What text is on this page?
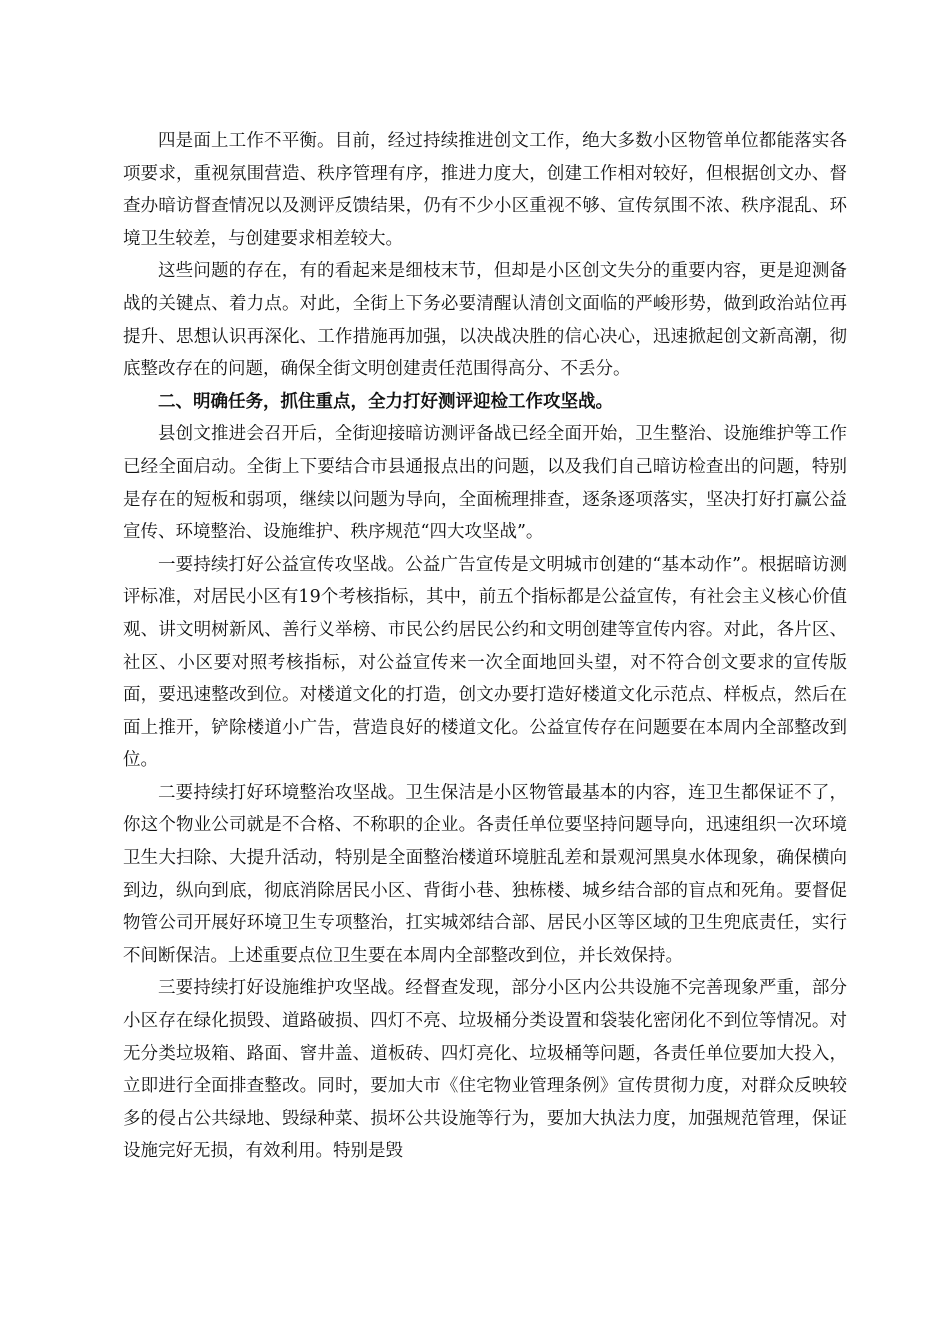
四是面上工作不平衡。目前，经过持续推进创文工作，绝大多数小区物管单位都能落实各项要求，重视氛围营造、秩序管理有序，推进力度大，创建工作相对较好，但根据创文办、督查办暗访督查情况以及测评反馈结果，仍有不少小区重视不够、宣传氛围不浓、秩序混乱、环境卫生较差，与创建要求相差较大。

这些问题的存在，有的看起来是细枝末节，但却是小区创文失分的重要内容，更是迎测备战的关键点、着力点。对此，全街上下务必要清醒认清创文面临的严峻形势，做到政治站位再提升、思想认识再深化、工作措施再加强，以决战决胜的信心决心，迅速掀起创文新高潮，彻底整改存在的问题，确保全街文明创建责任范围得高分、不丢分。

二、明确任务，抓住重点，全力打好测评迎检工作攻坚战。

县创文推进会召开后，全街迎接暗访测评备战已经全面开始，卫生整治、设施维护等工作已经全面启动。全街上下要结合市县通报点出的问题，以及我们自己暗访检查出的问题，特别是存在的短板和弱项，继续以问题为导向，全面梳理排查，逐条逐项落实，坚决打好打赢公益宣传、环境整治、设施维护、秩序规范“四大攻坚战”。

一要持续打好公益宣传攻坚战。公益广告宣传是文明城市创建的“基本动作”。根据暗访测评标准，对居民小区有19个考核指标，其中，前五个指标都是公益宣传，有社会主义核心价值观、讲文明树新风、善行义举榜、市民公约居民公约和文明创建等宣传内容。对此，各片区、社区、小区要对照考核指标，对公益宣传来一次全面地回头望，对不符合创文要求的宣传版面，要迅速整改到位。对楼道文化的打造，创文办要打造好楼道文化示范点、样板点，然后在面上推开，铲除楼道小广告，营造良好的楼道文化。公益宣传存在问题要在本周内全部整改到位。

二要持续打好环境整治攻坚战。卫生保洁是小区物管最基本的内容，连卫生都保证不了，你这个物业公司就是不合格、不称职的企业。各责任单位要坚持问题导向，迅速组织一次环境卫生大扫除、大提升活动，特别是全面整治楼道环境脏乱差和景观河黑臭水体现象，确保横向到边，纵向到底，彻底消除居民小区、背街小巷、独栋楼、城乡结合部的盲点和死角。要督促物管公司开展好环境卫生专项整治，扛实城郊结合部、居民小区等区域的卫生兜底责任，实行不间断保洁。上述重要点位卫生要在本周内全部整改到位，并长效保持。

三要持续打好设施维护攻坚战。经督查发现，部分小区内公共设施不完善现象严重，部分小区存在绿化损毁、道路破损、四灯不亮、垃圾桶分类设置和袋装化密闭化不到位等情况。对无分类垃圾箱、路面、窨井盖、道板砖、四灯亮化、垃圾桶等问题，各责任单位要加大投入，立即进行全面排查整改。同时，要加大市《住宅物业管理条例》宣传贯彻力度，对群众反映较多的侵占公共绿地、毁绿种菜、损坏公共设施等行为，要加大执法力度，加强规范管理，保证设施完好无损，有效利用。特别是毁
